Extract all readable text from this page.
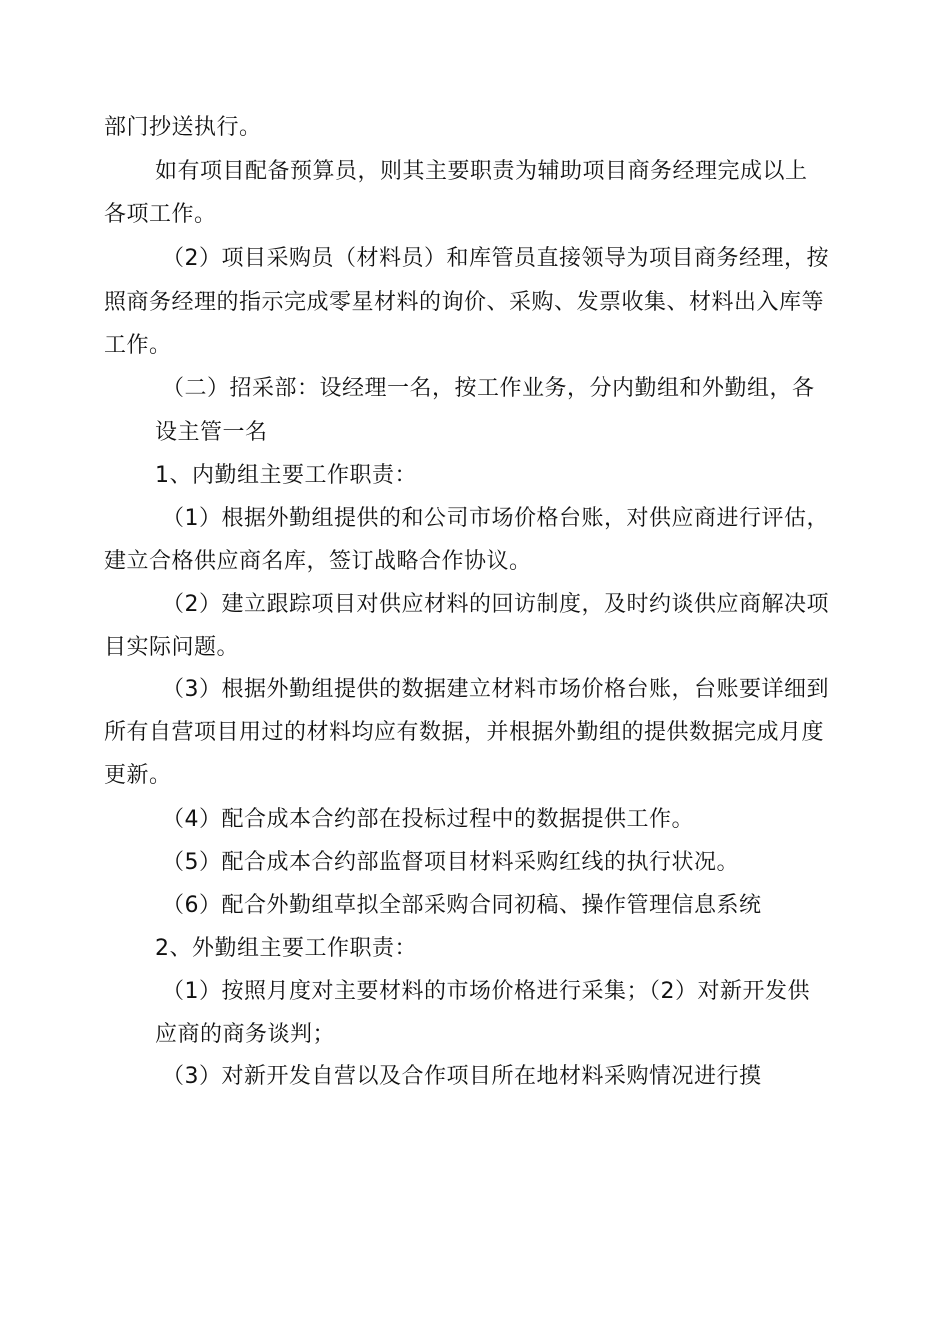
部门抄送执行。
如有项目配备预算员，则其主要职责为辅助项目商务经理完成以上
各项工作。
（2）项目采购员（材料员）和库管员直接领导为项目商务经理，按
照商务经理的指示完成零星材料的询价、采购、发票收集、材料出入库等
工作。
（二）招采部：设经理一名，按工作业务，分内勤组和外勤组，各
设主管一名
1、内勤组主要工作职责：
（1）根据外勤组提供的和公司市场价格台账，对供应商进行评估，
建立合格供应商名库，签订战略合作协议。
（2）建立跟踪项目对供应材料的回访制度，及时约谈供应商解决项
目实际问题。
（3）根据外勤组提供的数据建立材料市场价格台账，台账要详细到
所有自营项目用过的材料均应有数据，并根据外勤组的提供数据完成月度
更新。
（4）配合成本合约部在投标过程中的数据提供工作。
（5）配合成本合约部监督项目材料采购红线的执行状况。
（6）配合外勤组草拟全部采购合同初稿、操作管理信息系统
2、外勤组主要工作职责：
（1）按照月度对主要材料的市场价格进行采集；（2）对新开发供
应商的商务谈判；
（3）对新开发自营以及合作项目所在地材料采购情况进行摸
